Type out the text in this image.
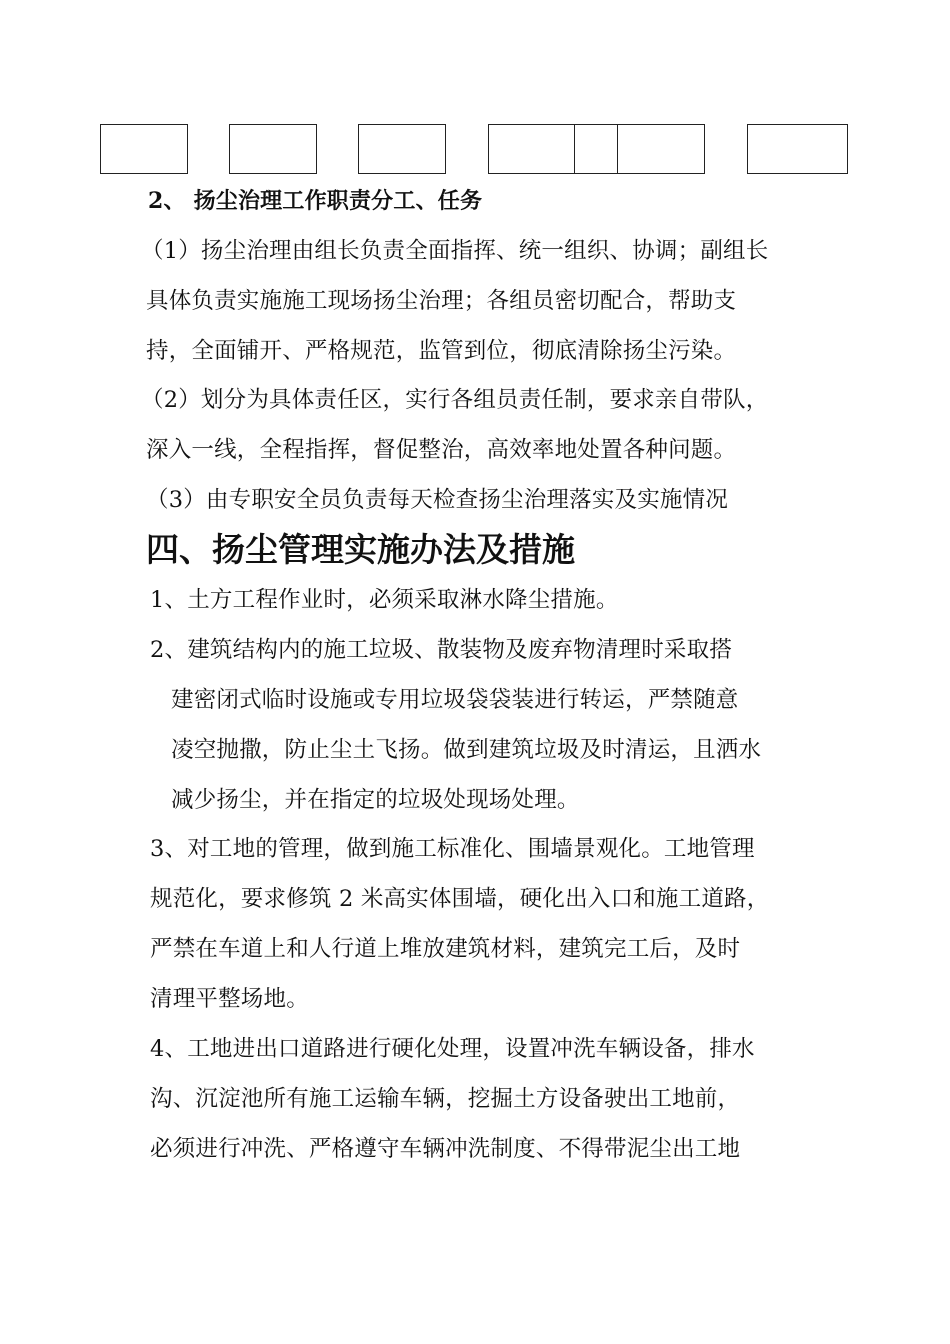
2、 扬尘治理工作职责分工、任务
（1）扬尘治理由组长负责全面指挥、统一组织、协调；副组长
具体负责实施施工现场扬尘治理；各组员密切配合，帮助支
持，全面铺开、严格规范，监管到位，彻底清除扬尘污染。
（2）划分为具体责任区，实行各组员责任制，要求亲自带队，
深入一线，全程指挥，督促整治，高效率地处置各种问题。
（3）由专职安全员负责每天检查扬尘治理落实及实施情况
四、扬尘管理实施办法及措施
1、土方工程作业时，必须采取淋水降尘措施。
2、建筑结构内的施工垃圾、散装物及废弃物清理时采取搭
建密闭式临时设施或专用垃圾袋袋装进行转运，严禁随意
凌空抛撒，防止尘土飞扬。做到建筑垃圾及时清运，且洒水
减少扬尘，并在指定的垃圾处现场处理。
3、对工地的管理，做到施工标准化、围墙景观化。工地管理
规范化，要求修筑 2 米高实体围墙，硬化出入口和施工道路，
严禁在车道上和人行道上堆放建筑材料，建筑完工后，及时
清理平整场地。
4、工地进出口道路进行硬化处理，设置冲洗车辆设备，排水
沟、沉淀池所有施工运输车辆，挖掘土方设备驶出工地前，
必须进行冲洗、严格遵守车辆冲洗制度、不得带泥尘出工地
